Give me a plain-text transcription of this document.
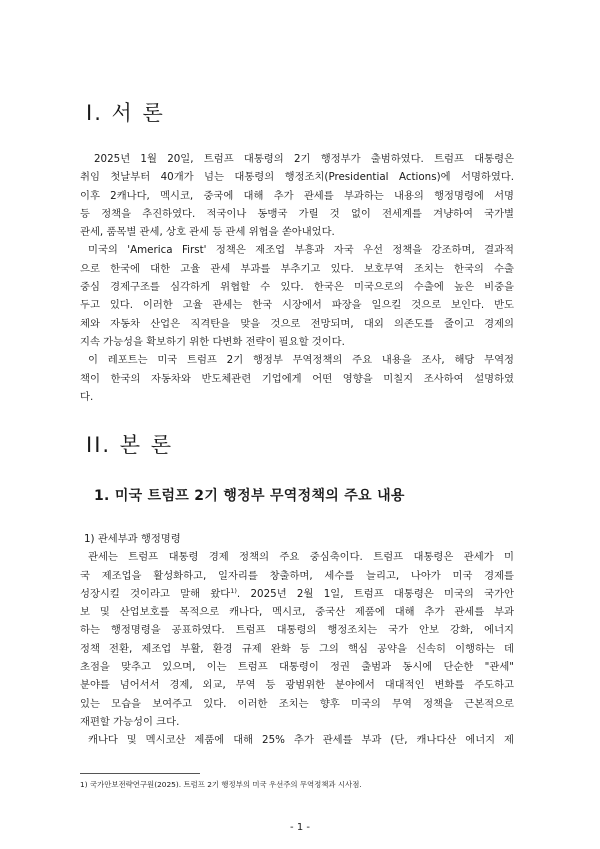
I. 서 론

2025년 1월 20일, 트럼프 대통령의 2기 행정부가 출범하였다. 트럼프 대통령은
취임 첫날부터 40개가 넘는 대통령의 행정조치(Presidential Actions)에 서명하였다.
이후 2캐나다, 멕시코, 중국에 대해 추가 관세를 부과하는 내용의 행정명령에 서명
등 정책을 추진하였다. 적국이나 동맹국 가릴 것 없이 전세계를 겨냥하여 국가별
관세, 품목별 관세, 상호 관세 등 관세 위협을 쏟아내었다.

미국의 'America First' 정책은 제조업 부흥과 자국 우선 정책을 강조하며, 결과적
으로 한국에 대한 고율 관세 부과를 부추기고 있다. 보호무역 조치는 한국의 수출
중심 경제구조를 심각하게 위협할 수 있다. 한국은 미국으로의 수출에 높은 비중을
두고 있다. 이러한 고율 관세는 한국 시장에서 파장을 일으킬 것으로 보인다. 반도
체와 자동차 산업은 직격탄을 맞을 것으로 전망되며, 대외 의존도를 줄이고 경제의
지속 가능성을 확보하기 위한 다변화 전략이 필요할 것이다.

이 레포트는 미국 트럼프 2기 행정부 무역정책의 주요 내용을 조사, 해당 무역정
책이 한국의 자동차와 반도체관련 기업에게 어떤 영향을 미칠지 조사하여 설명하였
다.

II. 본 론
1. 미국 트럼프 2기 행정부 무역정책의 주요 내용
1) 관세부과 행정명령

관세는 트럼프 대통령 경제 정책의 주요 중심축이다. 트럼프 대통령은 관세가 미
국 제조업을 활성화하고, 일자리를 창출하며, 세수를 늘리고, 나아가 미국 경제를
성장시킬 것이라고 말해 왔다$^{1)}$. 2025년 2월 1일, 트럼프 대통령은 미국의 국가안
보 및 산업보호를 목적으로 캐나다, 멕시코, 중국산 제품에 대해 추가 관세를 부과
하는 행정명령을 공표하였다. 트럼프 대통령의 행정조치는 국가 안보 강화, 에너지
정책 전환, 제조업 부활, 환경 규제 완화 등 그의 핵심 공약을 신속히 이행하는 데
초점을 맞추고 있으며, 이는 트럼프 대통령이 정권 출범과 동시에 단순한 "관세"
분야를 넘어서서 경제, 외교, 무역 등 광범위한 분야에서 대대적인 변화를 주도하고
있는 모습을 보여주고 있다. 이러한 조치는 향후 미국의 무역 정책을 근본적으로
재편할 가능성이 크다.

캐나다 및 멕시코산 제품에 대해 25% 추가 관세를 부과 (단, 캐나다산 에너지 제

1) 국가안보전략연구원(2025). 트럼프 2기 행정부의 미국 우선주의 무역정책과 시사점.

- 1 -
